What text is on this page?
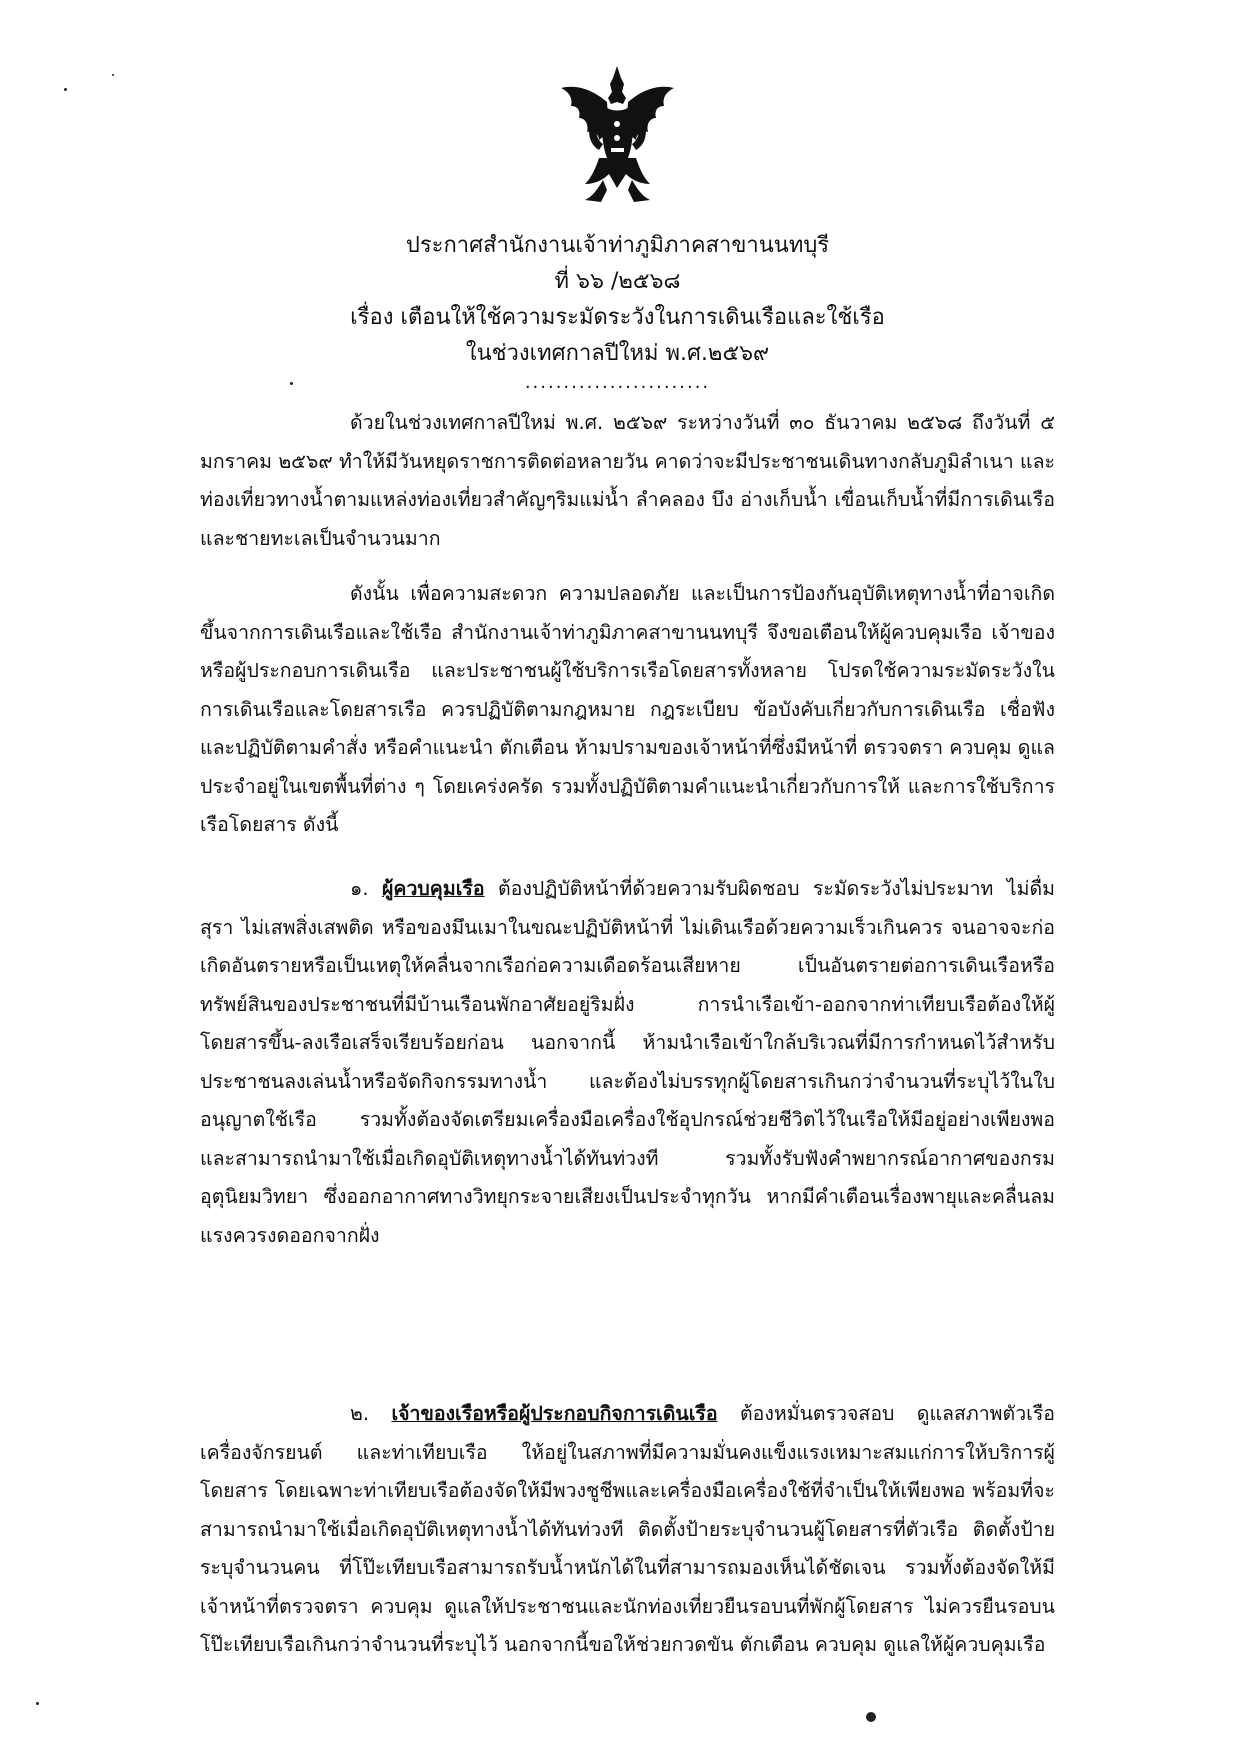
ประกาศสำนักงานเจ้าท่าภูมิภาคสาขานนทบุรี
ที่ ๖๖ /๒๕๖๘
เรื่อง เตือนให้ใช้ความระมัดระวังในการเดินเรือและใช้เรือ
ในช่วงเทศกาลปีใหม่ พ.ศ.๒๕๖๙
........................

ด้วยในช่วงเทศกาลปีใหม่ พ.ศ. ๒๕๖๙ ระหว่างวันที่ ๓๐ ธันวาคม ๒๕๖๘ ถึงวันที่ ๕ มกราคม ๒๕๖๙ ทำให้มีวันหยุดราชการติดต่อหลายวัน คาดว่าจะมีประชาชนเดินทางกลับภูมิลำเนา และท่องเที่ยวทางน้ำตามแหล่งท่องเที่ยวสำคัญๆริมแม่น้ำ ลำคลอง บึง อ่างเก็บน้ำ เขื่อนเก็บน้ำที่มีการเดินเรือ และชายทะเลเป็นจำนวนมาก

ดังนั้น เพื่อความสะดวก ความปลอดภัย และเป็นการป้องกันอุบัติเหตุทางน้ำที่อาจเกิดขึ้นจากการเดินเรือและใช้เรือ สำนักงานเจ้าท่าภูมิภาคสาขานนทบุรี จึงขอเตือนให้ผู้ควบคุมเรือ เจ้าของหรือผู้ประกอบการเดินเรือ และประชาชนผู้ใช้บริการเรือโดยสารทั้งหลาย โปรดใช้ความระมัดระวังในการเดินเรือและโดยสารเรือ ควรปฏิบัติตามกฎหมาย กฎระเบียบ ข้อบังคับเกี่ยวกับการเดินเรือ เชื่อฟังและปฏิบัติตามคำสั่ง หรือคำแนะนำ ตักเตือน ห้ามปรามของเจ้าหน้าที่ซึ่งมีหน้าที่ ตรวจตรา ควบคุม ดูแลประจำอยู่ในเขตพื้นที่ต่าง ๆ โดยเคร่งครัด รวมทั้งปฏิบัติตามคำแนะนำเกี่ยวกับการให้ และการใช้บริการเรือโดยสาร ดังนี้

๑. ผู้ควบคุมเรือ ต้องปฏิบัติหน้าที่ด้วยความรับผิดชอบ ระมัดระวังไม่ประมาท ไม่ดื่มสุรา ไม่เสพสิ่งเสพติด หรือของมึนเมาในขณะปฏิบัติหน้าที่ ไม่เดินเรือด้วยความเร็วเกินควร จนอาจจะก่อเกิดอันตรายหรือเป็นเหตุให้คลื่นจากเรือก่อความเดือดร้อนเสียหาย เป็นอันตรายต่อการเดินเรือหรือทรัพย์สินของประชาชนที่มีบ้านเรือนพักอาศัยอยู่ริมฝั่ง การนำเรือเข้า-ออกจากท่าเทียบเรือต้องให้ผู้โดยสารขึ้น-ลงเรือเสร็จเรียบร้อยก่อน นอกจากนี้ ห้ามนำเรือเข้าใกล้บริเวณที่มีการกำหนดไว้สำหรับประชาชนลงเล่นน้ำหรือจัดกิจกรรมทางน้ำ และต้องไม่บรรทุกผู้โดยสารเกินกว่าจำนวนที่ระบุไว้ในใบอนุญาตใช้เรือ รวมทั้งต้องจัดเตรียมเครื่องมือเครื่องใช้อุปกรณ์ช่วยชีวิตไว้ในเรือให้มีอยู่อย่างเพียงพอ และสามารถนำมาใช้เมื่อเกิดอุบัติเหตุทางน้ำได้ทันท่วงที รวมทั้งรับฟังคำพยากรณ์อากาศของกรมอุตุนิยมวิทยา ซึ่งออกอากาศทางวิทยุกระจายเสียงเป็นประจำทุกวัน หากมีคำเตือนเรื่องพายุและคลื่นลมแรงควรงดออกจากฝั่ง

๒. เจ้าของเรือหรือผู้ประกอบกิจการเดินเรือ ต้องหมั่นตรวจสอบ ดูแลสภาพตัวเรือ เครื่องจักรยนต์ และท่าเทียบเรือ ให้อยู่ในสภาพที่มีความมั่นคงแข็งแรงเหมาะสมแก่การให้บริการผู้โดยสาร โดยเฉพาะท่าเทียบเรือต้องจัดให้มีพวงชูชีพและเครื่องมือเครื่องใช้ที่จำเป็นให้เพียงพอ พร้อมที่จะสามารถนำมาใช้เมื่อเกิดอุบัติเหตุทางน้ำได้ทันท่วงที ติดตั้งป้ายระบุจำนวนผู้โดยสารที่ตัวเรือ ติดตั้งป้ายระบุจำนวนคน ที่โป๊ะเทียบเรือสามารถรับน้ำหนักได้ในที่สามารถมองเห็นได้ชัดเจน รวมทั้งต้องจัดให้มีเจ้าหน้าที่ตรวจตรา ควบคุม ดูแลให้ประชาชนและนักท่องเที่ยวยืนรอบนที่พักผู้โดยสาร ไม่ควรยืนรอบนโป๊ะเทียบเรือเกินกว่าจำนวนที่ระบุไว้ นอกจากนี้ขอให้ช่วยกวดขัน ตักเตือน ควบคุม ดูแลให้ผู้ควบคุมเรือ
